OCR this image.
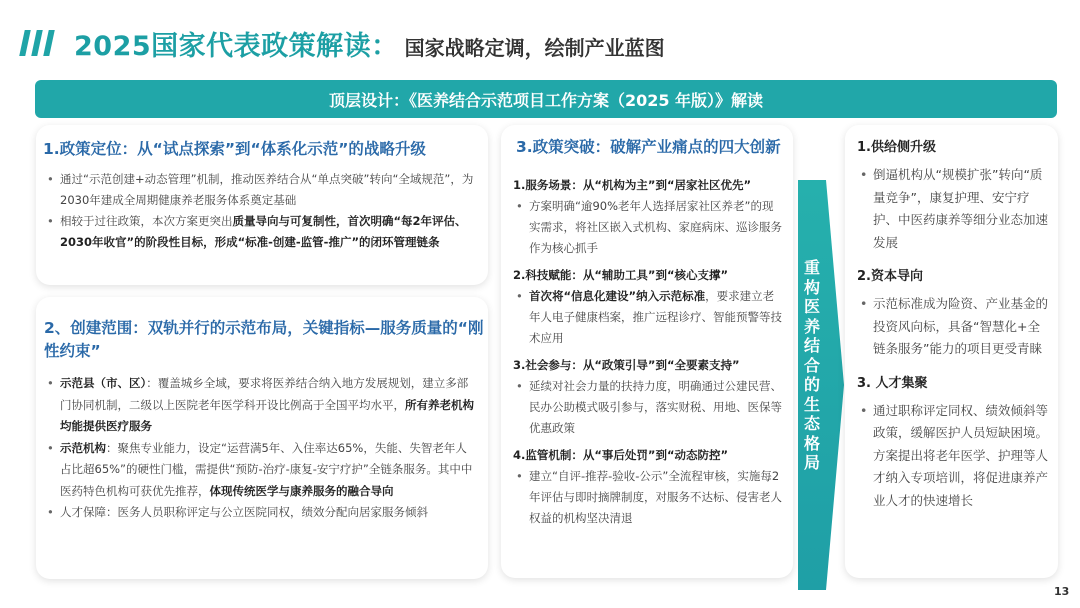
2025国家代表政策解读： 国家战略定调，绘制产业蓝图
顶层设计：《医养结合示范项目工作方案（2025 年版）》解读
1.政策定位：从“试点探索”到“体系化示范”的战略升级
• 通过“示范创建+动态管理”机制，推动医养结合从“单点突破”转向“全域规范”，为2030年建成全周期健康养老服务体系奠定基础
• 相较于过往政策，本次方案更突出质量导向与可复制性，首次明确“每2年评估、2030年收官”的阶段性目标，形成“标准-创建-监管-推广”的闭环管理链条
2、创建范围：双轨并行的示范布局，关键指标—服务质量的“刚性约束”
• 示范县（市、区）：覆盖城乡全域，要求将医养结合纳入地方发展规划，建立多部门协同机制，二级以上医院老年医学科开设比例高于全国平均水平，所有养老机构均能提供医疗服务
• 示范机构：聚焦专业能力，设定“运营满5年、入住率达65%，失能、失智老年人占比超65%”的硬性门槛，需提供“预防-治疗-康复-安宁疗护”全链条服务。其中中医药特色机构可获优先推荐，体现传统医学与康养服务的融合导向
• 人才保障：医务人员职称评定与公立医院同权，绩效分配向居家服务倾斜
3.政策突破：破解产业痛点的四大创新
1.服务场景：从“机构为主”到“居家社区优先”
• 方案明确“逾90%老年人选择居家社区养老”的现实需求，将社区嵌入式机构、家庭病床、巡诊服务作为核心抓手
2.科技赋能：从“辅助工具”到“核心支撑”
• 首次将“信息化建设”纳入示范标准，要求建立老年人电子健康档案，推广远程诊疗、智能预警等技术应用
3.社会参与：从“政策引导”到“全要素支持”
• 延续对社会力量的扶持力度，明确通过公建民营、民办公助模式吸引参与，落实财税、用地、医保等优惠政策
4.监管机制：从“事后处罚”到“动态防控”
• 建立“自评-推荐-验收-公示”全流程审核，实施每2年评估与即时摘牌制度，对服务不达标、侵害老人权益的机构坚决清退
重
构
医
养
结
合
的
生
态
格
局
1.供给侧升级
• 倒逼机构从“规模扩张”转向“质量竞争”，康复护理、安宁疗护、中医药康养等细分业态加速发展
2.资本导向
• 示范标准成为险资、产业基金的投资风向标，具备“智慧化+全链条服务”能力的项目更受青睐
3. 人才集聚
• 通过职称评定同权、绩效倾斜等政策，缓解医护人员短缺困境。方案提出将老年医学、护理等人才纳入专项培训，将促进康养产业人才的快速增长
13
